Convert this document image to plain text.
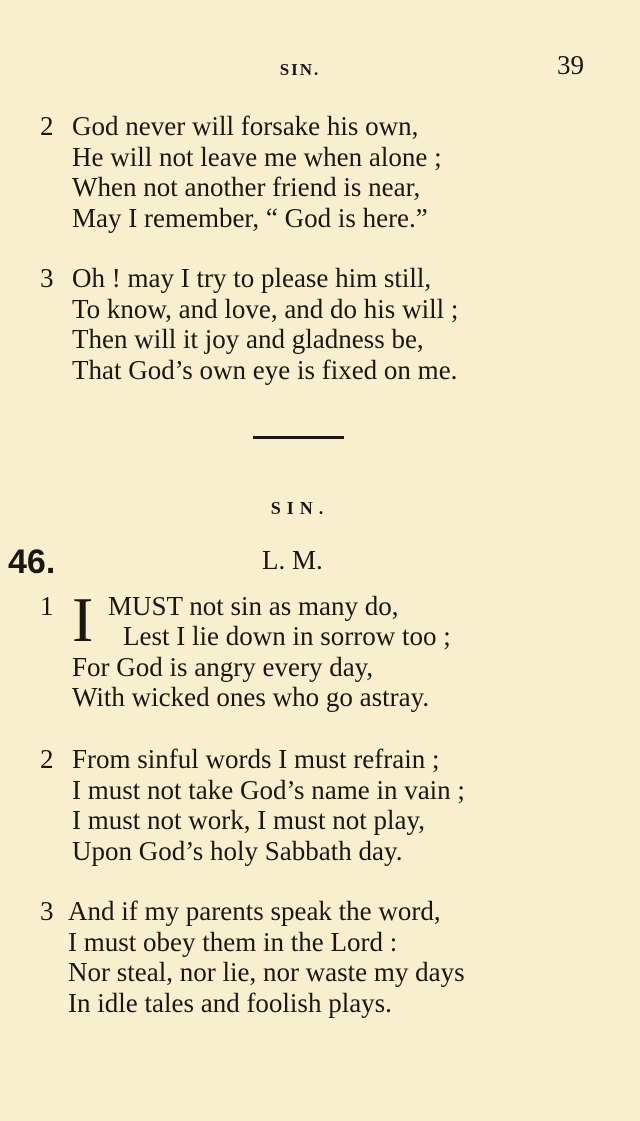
SIN.	39
2 God never will forsake his own,
He will not leave me when alone ;
When not another friend is near,
May I remember, “ God is here.”
3 Oh ! may I try to please him still,
To know, and love, and do his will ;
Then will it joy and gladness be,
That God’s own eye is fixed on me.
SIN.
46.	L. M.
1 I MUST not sin as many do,
Lest I lie down in sorrow too ;
For God is angry every day,
With wicked ones who go astray.
2 From sinful words I must refrain ;
I must not take God’s name in vain ;
I must not work, I must not play,
Upon God’s holy Sabbath day.
3 And if my parents speak the word,
I must obey them in the Lord :
Nor steal, nor lie, nor waste my days
In idle tales and foolish plays.
